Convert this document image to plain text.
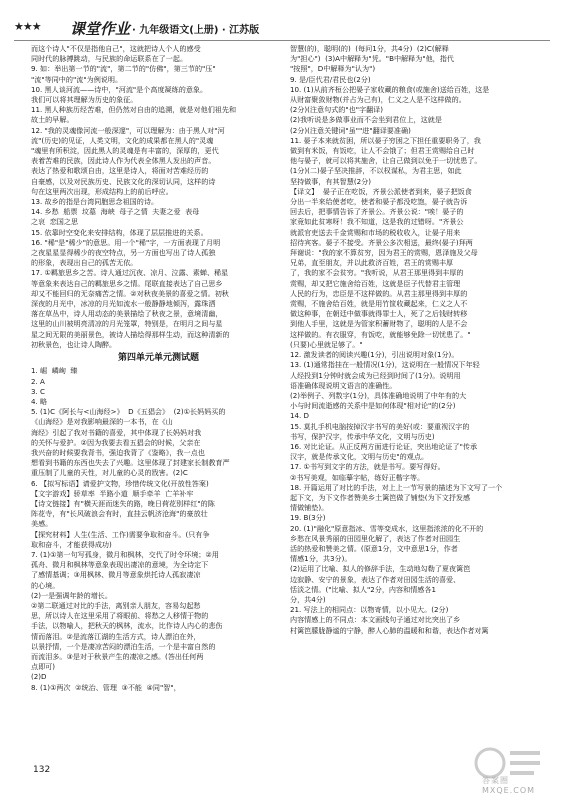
★★★ 课堂作业 · 九年级语文(上册) · 江苏版

而这个诗人"不仅是指他自己"，这就把诗人个人的感受

同时代的脉搏跳动，与民族的命运联系在了一起。

9. 如：举出第一节的"流"，第二节的"仿佛"，第三节的"压"

"流"等同中的"流"为例说明。

10. 黑人谈河流——诗中，"河流"是个高度凝练的意象。

我们可以将其理解为历史的象征。

11. 黑人种族历经苦难，但仍然对自由的追溯，就是对他们祖先和

故土的早解。

12. "我的灵魂像河流一般深邃"，可以理解为：由于黑人对"河

流"(历史)的见证，人类文明，文化的成果都在黑人的"灵魂

"魂里有所积淀，因此黑人的灵魂是有丰富的，深厚的，更代

表着苦难的民族，因此诗人作为代表全体黑人发出的声音。

表达了热爱和歌颂自由，这里是诗人，将面对苦难经历的

自豪感，以及对民族历史、民族文化的深切认同，这样的诗

句在这里两次出现，形成结构上的前后呼应。

13. 故乡的指是台湾同胞思念祖国的诗。

14. 乡愁  船票  坟墓  海峡  母子之情  夫妻之爱  表母

之哀  恋国之思

15. 依靠时空变化来安排结构，体现了层层推进的关系。

16. "稀"是"稀少"的意思。用一个"稀"字，一方面表现了月明

之夜星星显得稀少的夜空特点，另一方面也写出了诗人孤独

的形象，表现出自己的孤苦无依。

17. ①羁旅思乡之苦。诗人通过沉夜、凉月、泣露、素蝉、稀星

等意象来表达自己的羁旅思乡之情。尾联直接表达了自己思乡

却又不能回归的无奈痛苦之情。②对秋夜美景的喜爱之情。初秋

深夜的月光中，冰凉的月光如流水一般静静地倾泻，露珠洒

落在草丛中，诗人用动态的美景描绘了秋夜之景，意境清幽，

这里的山川被明亮清凉的月光笼罩，特别是，在明月之间与星

星之间无限的美丽景色，被诗人描绘得那样生动，而这种清新的

初秋景色，也让诗人陶醉。

第四单元单元测试题

1. 崛  嶙峋  臻

2. A

3. C

4. 略

5. (1)C《阿长与<山海经>》  D《五猖会》  (2)①长妈妈买的

《山海经》是对我影响最深的一本书，在《山

海经》引起了我对书籍的喜爱，其中体现了长妈妈对我

的关怀与爱护。②因为我要去看五猖会的时候，父亲在

我兴奋的时候要我背书，强迫我背了《鉴略》，我一点也

想看到书籍的东西也失去了兴趣。这里体现了封建家长制教育严

重压制了儿童的天性，对儿童的心灵的戕害。(2)C

6. 【拟写标语】请爱护文物，珍惜传统文化(开放性答案)

【文字游戏】骄草率  半路小道  顺手牵羊  亡羊补牢

【诗文链接】有"横天涯而迷失的路，晚日荷花别样红"的陈

阵花寺，有"长风破浪会有时，直挂云帆济沧海"的豪放壮

美感。

【探究材料】人生(生活、工作)需要争取和奋斗。(只有争

取和奋斗，才能获得成功)

7. (1)①第一句写孤身，微月和枫林，交代了时令环境；②用

孤舟、微月和枫林等意象表现出凄凉的意境，为全诗定下

了感情基调；③用枫林、微月等意象烘托诗人孤寂凄凉

的心境。

(2)一是强调年龄的增长。

②第二联通过对比的手法，离别亲人朋友，容易勾起愁

思，所以诗人在这里采用了将眼前、将愁之人移情于物的

手法，以物喻人，把秋天的枫林，流水，比作诗人内心的悲伤

情而落泪。②是流落江湖的生活方式，诗人漂泊在外，

以景抒情，一个是凄凉苦闷的漂泊生活，一个是丰富自然的

而流泪多。③是对于秋景产生的凄凉之感。(答出任何两

点即可)

(2)D

8. (1)①两次  ②统治、管理  ③不能  ④同"智"，

智慧(的)，聪明(的)  (每问1分，共4分)  (2)C(解释

为"担心")  (3)A中解释为"凭。"B中解释为"他，指代

"按照"，D中解释为"认为")

9. 是/臣代君/君民也(2分)

10. (1)从前齐桓公把晏子家收藏的粮食(或施舍)送给百姓，这是

从财富聚敛财物(并占为己有)，仁义之人是不这样做的。

(2分)(注意句式的"也"字翻译)

(2)我听说是多做事业而不会坐到君位上，这就是

(2分)(注意关键词"虽""进"翻译要准确)

11. 晏子本来就贫困，所以晏子穷困之下担任重要职务了，我

做到有米饭，有饭吃，让人不会饿了；但君王赏赐给自己时

他与晏子，就可以将其施舍，让自己做到以免于一切忧患了。

(1分)(二)晏子坚决推辞，不以权谋私，为君主思，如此

坚持做事，有其智慧(2分)

【译文】  晏子正在吃饭，齐景公派使者到来，晏子把饭食

分出一半来给使者吃，使者和晏子都没吃饱，晏子就告诉

回去后，把事情告诉了齐景公。齐景公说："唉！晏子的

家竟如此贫寒呀！我不知道，这是我的过错呀。"齐景公

就派官吏送去千金赏赐和市场的税收收入，让晏子用来

招待宾客。晏子不接受。齐景公多次相送，最终(晏子)拜两

拜谢说："我的家不算贫穷，因为君王的赏赐，恩泽施及父母

兄弟，直至朋友，并以此救济百姓，君王的赏赐丰厚

了，我的家不会贫穷。"我听说，从君王那里得到丰厚的

赏赐，却又把它施舍给百姓，这就是臣子代替君主管理

人民的行为，忠臣是不这样做的。从君主那里得到丰厚的

赏赐，不施舍给百姓，就是用竹筐收藏起来，仁义之人不

做这种事，在朝廷中做事就得罪士人，死了之后钱财转移

到他人手里，这就是为管家积蓄财物了，聪明的人是不会

这样做的。有衣服穿，有饭吃，就能够免除一切忧患了。"

(只要)心里就足够了。"

12. 激发读者的阅读兴趣(1分)，引出说明对象(1分)。

13. (1)通常指挂在一般情况(1分)，这说明在一般情况下年轻

人经投到1分钟时就会成为已经到时间了(1分)。说明用

语准确体现说明文语言的准确性。

(2)举例子、列数字(1分)，具体准确地说明了中年有的大

小与时间流逝感的关系中是如何体现"相对论"的(2分)

14. D

15. 莫扎手机电脑按掉汉字书写的美好(或：要重视汉字的

书写，保护汉字，传承中华文化，文明与历史)

16. 对比论证。从正反两方面进行论证，突出地论证了"传承

汉字，就是传承文化，文明与历史"的观点。

17. ①书写到文字的方法，就是书写。要写得好。

②书写美观，如临摹字帖，练好正楷字等。

18. 开篇运用了对比的手法，对上上一节写景的描述为下文写了一个

起下文，为下文作者赞美乡土篱笆做了铺垫(为下文抒发感

情做铺垫)。

19. B(3分)

20. (1)"融化"原意指冰、雪等变成水，这里指浓浓的化不开的

乡愁在风景秀丽的田园里化解了，表达了作者对田园生

活的热爱和赞美之情。(原意1分，文中意思1分，作者

情感1分，共3分)。

(2)运用了比喻、拟人的修辞手法，生动地勾勒了夏夜篱笆

边寂静、安宁的景象，表达了作者对田园生活的喜爱、

恬淡之情。("比喻、拟人"2分，内容和情感各1

分，共4分)

21. 写法上的相同点：以物寄情，以小见大。(2分)

内容情感上的不同点：本文画线句子通过对比突出了乡

村篱笆朦胧静谧的宁静，醉人心肺的温暖和和谐，表达作者对篱

132
答案圈 MXQE.COM
